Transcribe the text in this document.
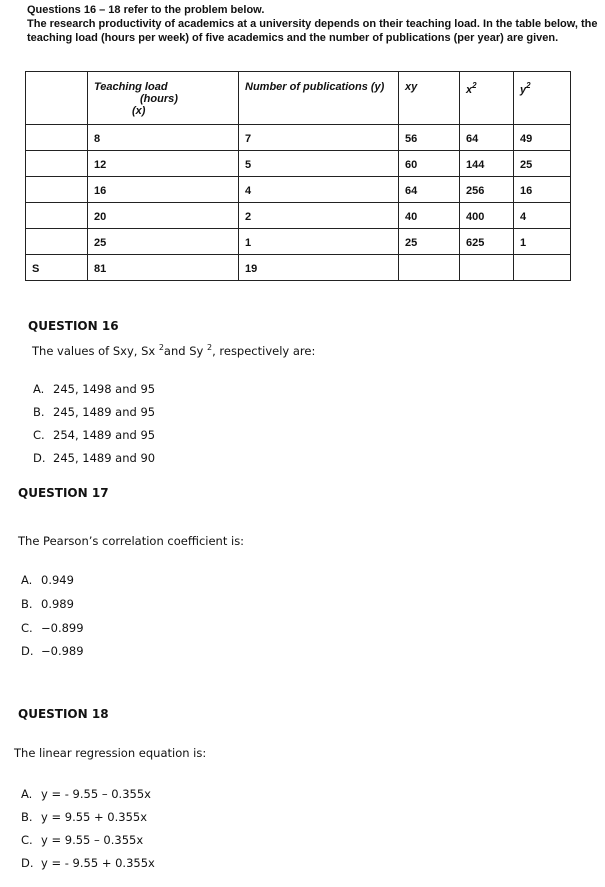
Questions 16 – 18 refer to the problem below.

The research productivity of academics at a university depends on their teaching load. In the table below, the teaching load (hours per week) of five academics and the number of publications (per year) are given.

	Teaching load
(hours)
(x)	Number of publications (y)	xy	$x^2$	$y^2$
	8	7	56	64	49
	12	5	60	144	25
	16	4	64	256	16
	20	2	40	400	4
	25	1	25	625	1
S	81	19			
QUESTION 16
The values of Sxy, Sx $^2$and Sy $^2$, respectively are:
A. 245, 1498 and 95
B. 245, 1489 and 95
C. 254, 1489 and 95
D. 245, 1489 and 90
QUESTION 17
The Pearson’s correlation coefficient is:
A. 0.949
B. 0.989
C. −0.899
D. −0.989
QUESTION 18
The linear regression equation is:
A. y = - 9.55 – 0.355x
B. y = 9.55 + 0.355x
C. y = 9.55 – 0.355x
D. y = - 9.55 + 0.355x
